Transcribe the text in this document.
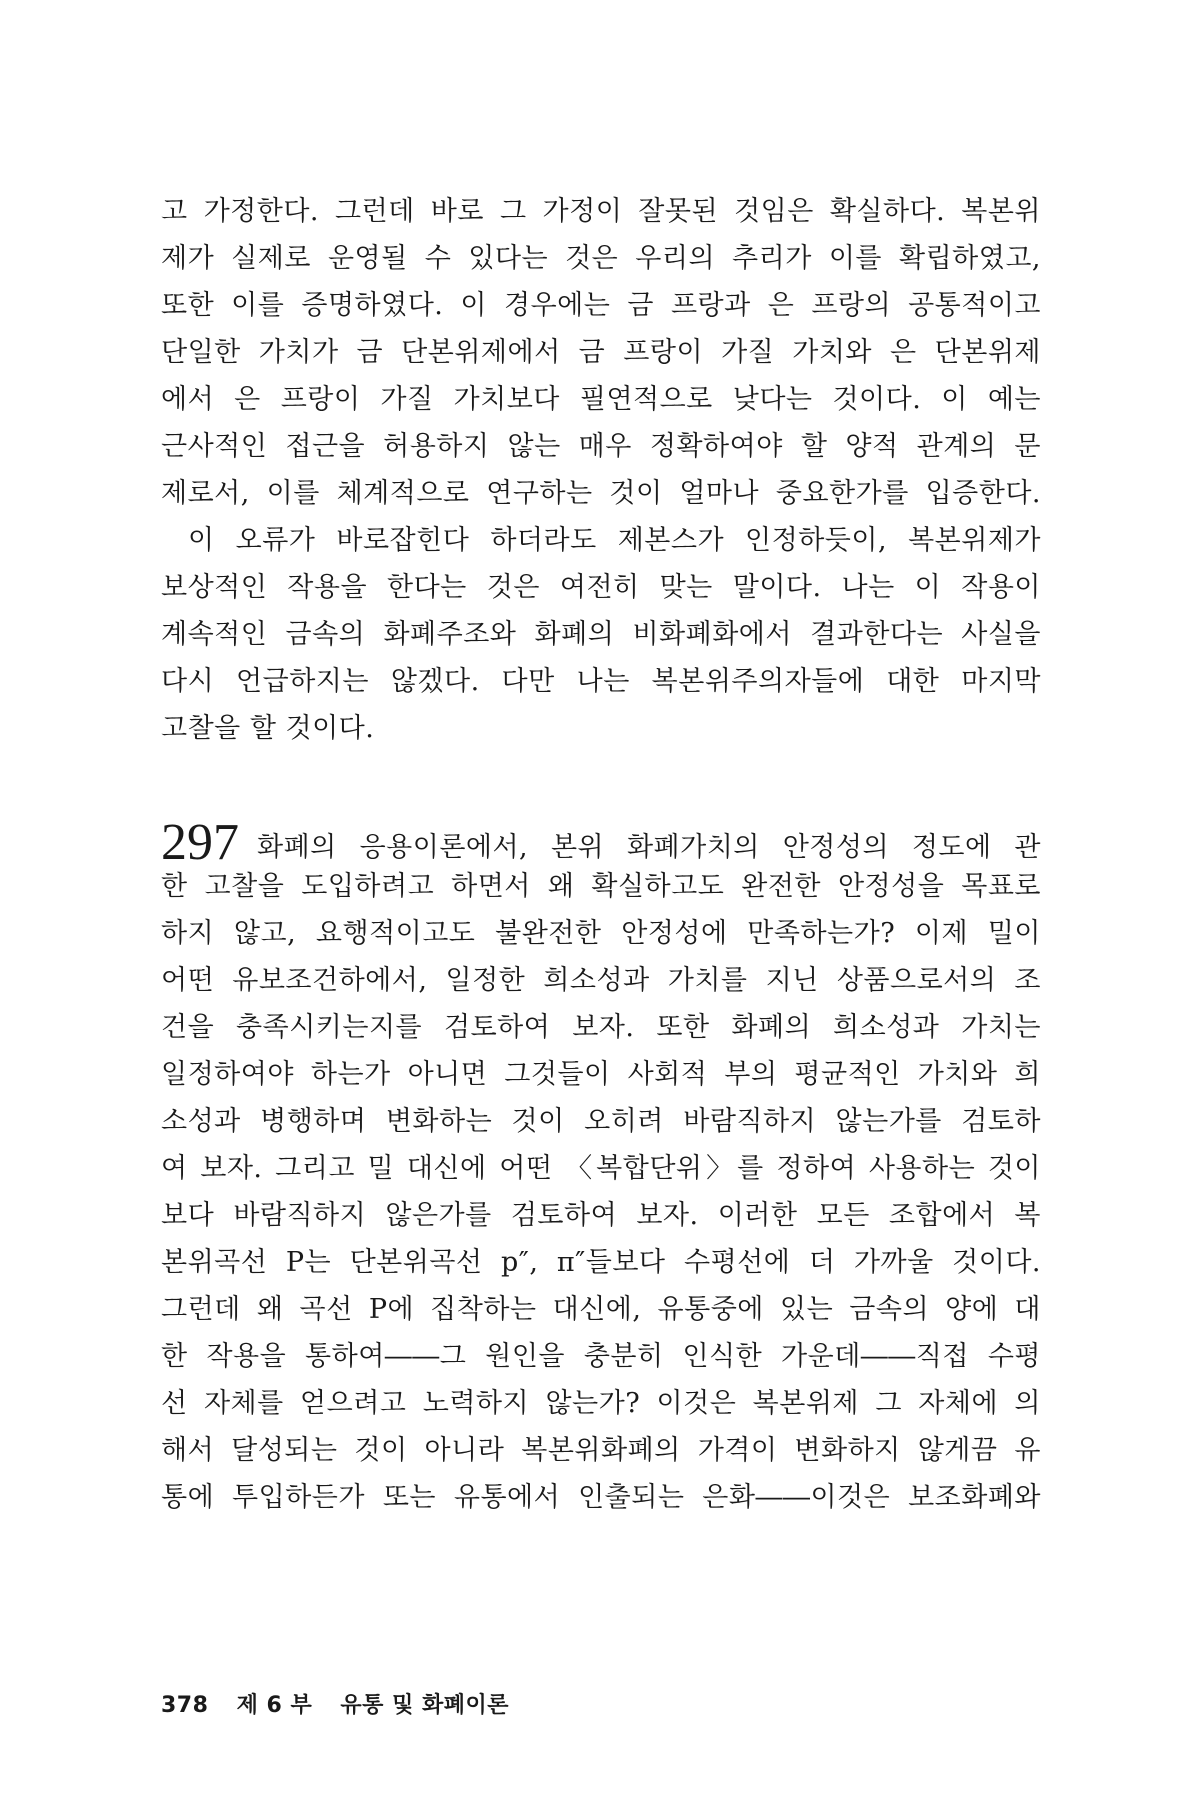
고 가정한다. 그런데 바로 그 가정이 잘못된 것임은 확실하다. 복본위
제가 실제로 운영될 수 있다는 것은 우리의 추리가 이를 확립하였고,
또한 이를 증명하였다. 이 경우에는 금 프랑과 은 프랑의 공통적이고
단일한 가치가 금 단본위제에서 금 프랑이 가질 가치와 은 단본위제
에서 은 프랑이 가질 가치보다 필연적으로 낮다는 것이다. 이 예는
근사적인 접근을 허용하지 않는 매우 정확하여야 할 양적 관계의 문
제로서, 이를 체계적으로 연구하는 것이 얼마나 중요한가를 입증한다.
이 오류가 바로잡힌다 하더라도 제본스가 인정하듯이, 복본위제가
보상적인 작용을 한다는 것은 여전히 맞는 말이다. 나는 이 작용이
계속적인 금속의 화폐주조와 화폐의 비화폐화에서 결과한다는 사실을
다시 언급하지는 않겠다. 다만 나는 복본위주의자들에 대한 마지막
고찰을 할 것이다.
297 화폐의 응용이론에서, 본위 화폐가치의 안정성의 정도에 관
한 고찰을 도입하려고 하면서 왜 확실하고도 완전한 안정성을 목표로
하지 않고, 요행적이고도 불완전한 안정성에 만족하는가? 이제 밀이
어떤 유보조건하에서, 일정한 희소성과 가치를 지닌 상품으로서의 조
건을 충족시키는지를 검토하여 보자. 또한 화폐의 희소성과 가치는
일정하여야 하는가 아니면 그것들이 사회적 부의 평균적인 가치와 희
소성과 병행하며 변화하는 것이 오히려 바람직하지 않는가를 검토하
여 보자. 그리고 밀 대신에 어떤 〈복합단위〉를 정하여 사용하는 것이
보다 바람직하지 않은가를 검토하여 보자. 이러한 모든 조합에서 복
본위곡선 P는 단본위곡선 p″, π″들보다 수평선에 더 가까울 것이다.
그런데 왜 곡선 P에 집착하는 대신에, 유통중에 있는 금속의 양에 대
한 작용을 통하여――그 원인을 충분히 인식한 가운데――직접 수평
선 자체를 얻으려고 노력하지 않는가? 이것은 복본위제 그 자체에 의
해서 달성되는 것이 아니라 복본위화폐의 가격이 변화하지 않게끔 유
통에 투입하든가 또는 유통에서 인출되는 은화――이것은 보조화폐와
378 제 6 부 유통 및 화폐이론
